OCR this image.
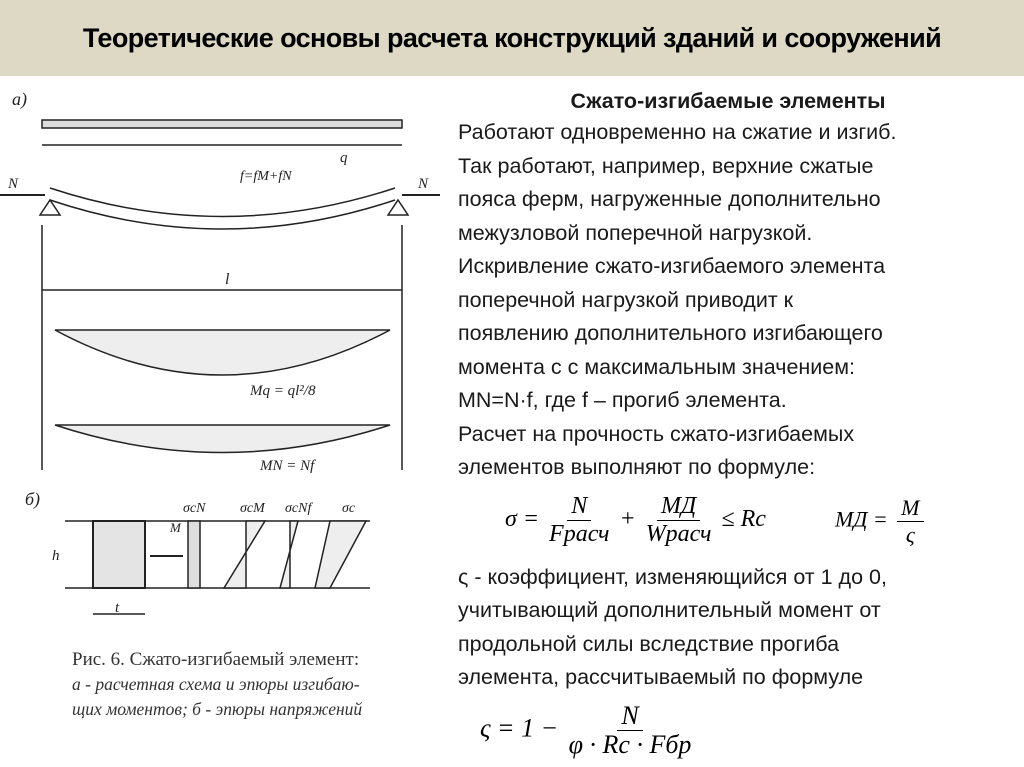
Теоретические основы расчета конструкций зданий и сооружений
а)
N	N
q
f=fM+fN
l
Mq = ql²/8
MN = Nf
б)
h
t
M
σcN σcM σcNf σc
Рис. 6. Сжато-изгибаемый элемент:
а - расчетная схема и эпюры изгибаю-
щих моментов; б - эпюры напряжений
Сжато-изгибаемые элементы

Работают одновременно на сжатие и изгиб.

Так работают, например, верхние сжатые

пояса ферм, нагруженные дополнительно

межузловой поперечной нагрузкой.

Искривление сжато-изгибаемого элемента

поперечной нагрузкой приводит к

появлению дополнительного изгибающего

момента с с максимальным значением:

MN=N·f, где f – прогиб элемента.

Расчет на прочность сжато-изгибаемых

элементов выполняют по формуле:

ς - коэффициент, изменяющийся от 1 до 0,

учитывающий дополнительный момент от

продольной силы вследствие прогиба

элемента, рассчитываемый по формуле

$\sigma = \frac{N}{\text{Fрасч}} + \frac{MД}{\text{Wрасч}} \le Rc$	MД = $\frac{M}{\varsigma}$
$\varsigma = 1 - \frac{N}{\text{φ · Rc · Fбр}}$
